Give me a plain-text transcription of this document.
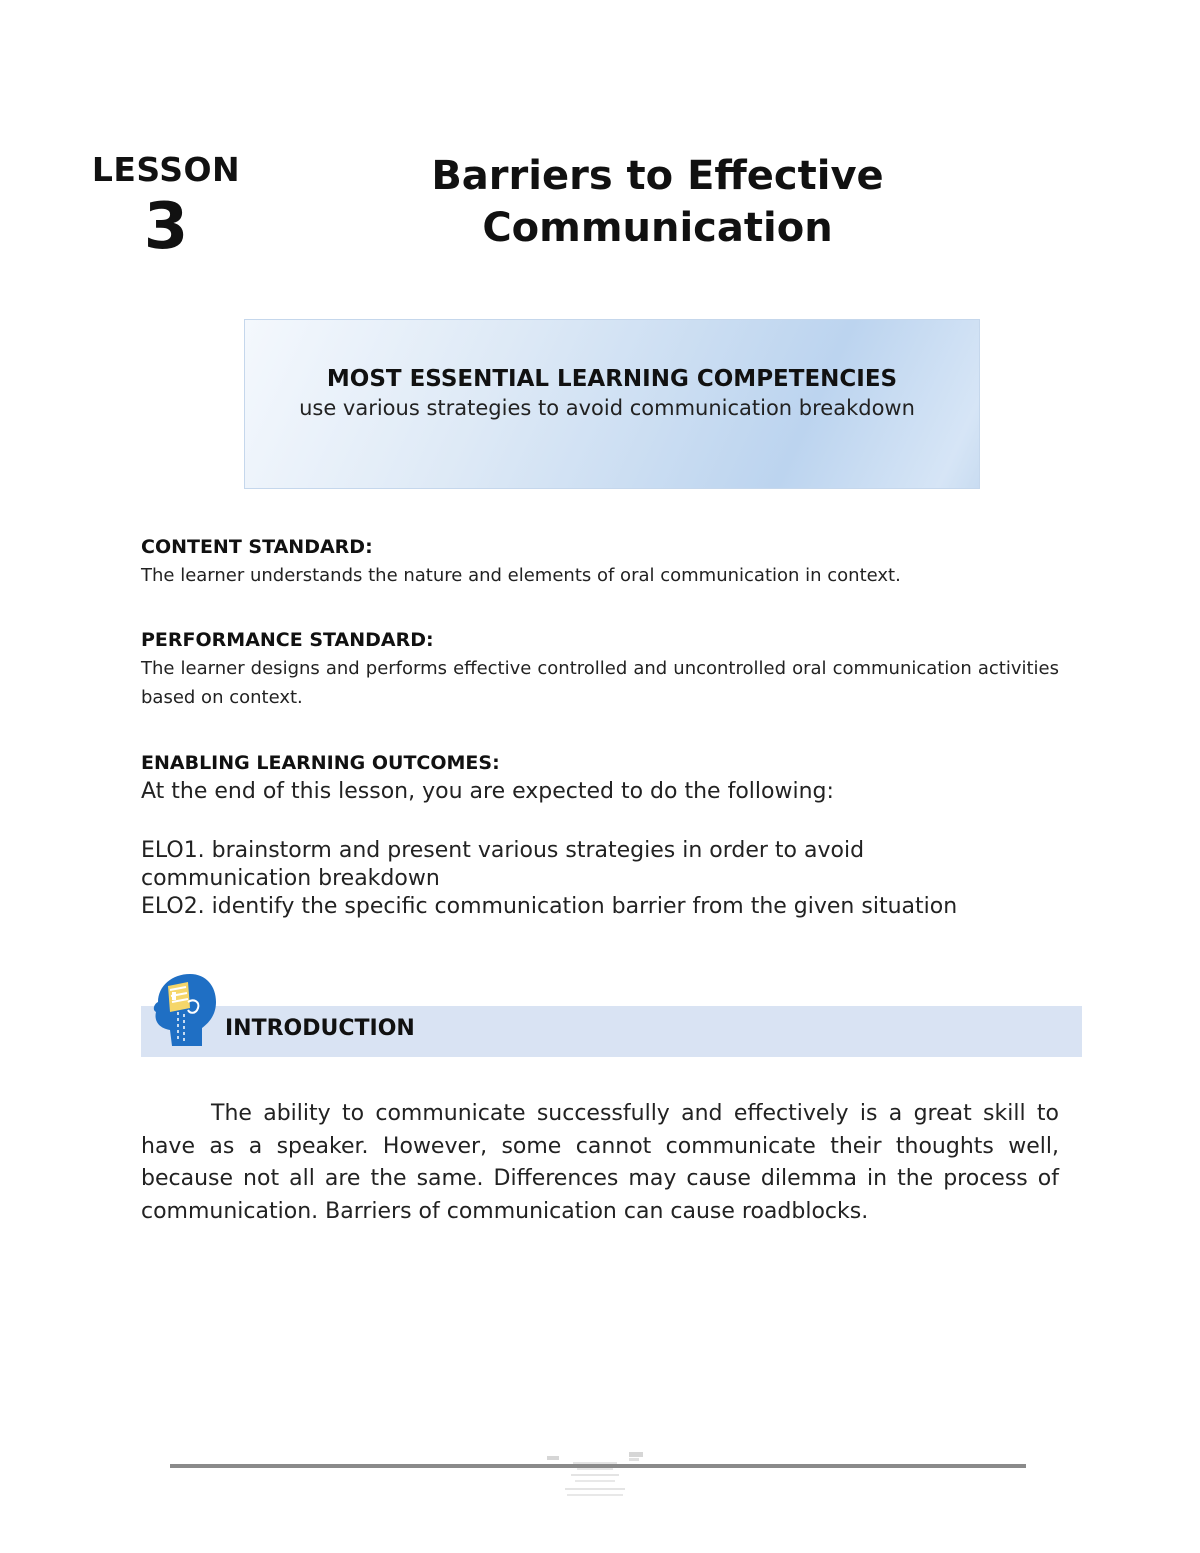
LESSON
3
Barriers to Effective
Communication
MOST ESSENTIAL LEARNING COMPETENCIES
use various strategies to avoid communication breakdown
CONTENT STANDARD:
The learner understands the nature and elements of oral communication in context.
PERFORMANCE STANDARD:
The learner designs and performs effective controlled and uncontrolled oral communication activities based on context.
ENABLING LEARNING OUTCOMES:
At the end of this lesson, you are expected to do the following:
ELO1. brainstorm and present various strategies in order to avoid communication breakdown
ELO2. identify the specific communication barrier from the given situation
INTRODUCTION
The ability to communicate successfully and effectively is a great skill to have as a speaker. However, some cannot communicate their thoughts well, because not all are the same. Differences may cause dilemma in the process of communication. Barriers of communication can cause roadblocks.
